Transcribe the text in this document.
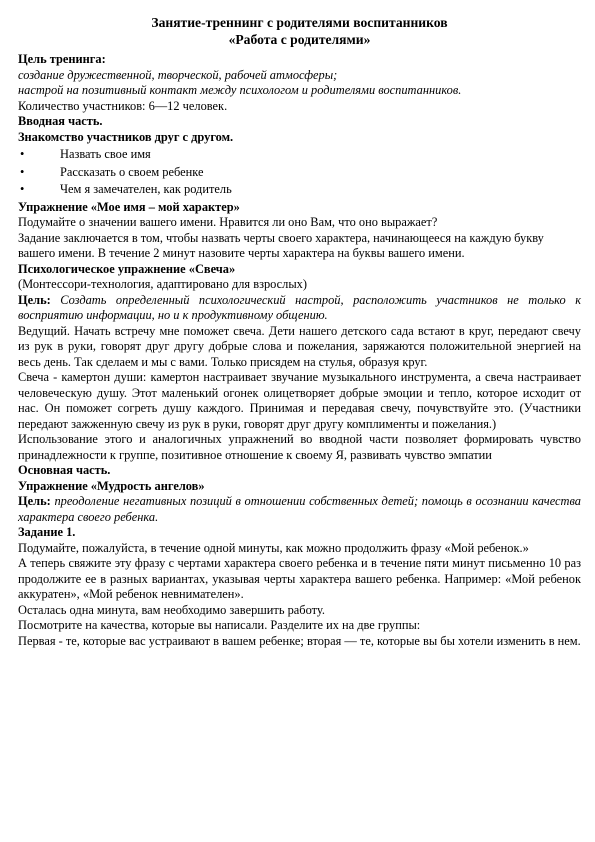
Занятие-треннинг с родителями воспитанников

«Работа с родителями»

Цель тренинга:

создание дружественной, творческой, рабочей атмосферы;

настрой на позитивный контакт между психологом и родителями воспитанников.

Количество участников: 6—12 человек.

Вводная часть.

Знакомство участников друг с другом.

•	Назвать свое имя
•	Рассказать о своем ребенке
•	Чем я замечателен, как родитель

Упражнение «Мое имя – мой характер»

Подумайте о значении вашего имени. Нравится ли оно Вам, что оно выражает?

Задание заключается в том, чтобы назвать черты своего характера, начинающееся на каждую букву вашего имени. В течение 2 минут назовите черты характера на буквы вашего имени.

Психологическое упражнение «Свеча»

(Монтессори-технология, адаптировано для взрослых)

Цель: Создать определенный психологический настрой, расположить участников не только к восприятию информации, но и к продуктивному общению.

Ведущий. Начать встречу мне поможет свеча. Дети нашего детского сада встают в круг, передают свечу из рук в руки, говорят друг другу добрые слова и пожелания, заряжаются положительной энергией на весь день. Так сделаем и мы с вами. Только присядем на стулья, образуя круг.

Свеча - камертон души: камертон настраивает звучание музыкального инструмента, а свеча настраивает человеческую душу. Этот маленький огонек олицетворяет добрые эмоции и тепло, которое исходит от нас. Он поможет согреть душу каждого. Принимая и передавая свечу, почувствуйте это. (Участники передают зажженную свечу из рук в руки, говорят друг другу комплименты и пожелания.)

Использование этого и аналогичных упражнений во вводной части позволяет формировать чувство принадлежности к группе, позитивное отношение к своему Я, развивать чувство эмпатии

Основная часть.

Упражнение «Мудрость ангелов»

Цель: преодоление негативных позиций в отношении собственных детей; помощь в осознании качества характера своего ребенка.

Задание 1.

Подумайте, пожалуйста, в течение одной минуты, как можно продолжить фразу «Мой ребенок.»

А теперь свяжите эту фразу с чертами характера своего ребенка и в течение пяти минут письменно 10 раз продолжите ее в разных вариантах, указывая черты характера вашего ребенка. Например: «Мой ребенок аккуратен», «Мой ребенок невнимателен».

Осталась одна минута, вам необходимо завершить работу.

Посмотрите на качества, которые вы написали. Разделите их на две группы:

Первая - те, которые вас устраивают в вашем ребенке; вторая — те, которые вы бы хотели изменить в нем.
